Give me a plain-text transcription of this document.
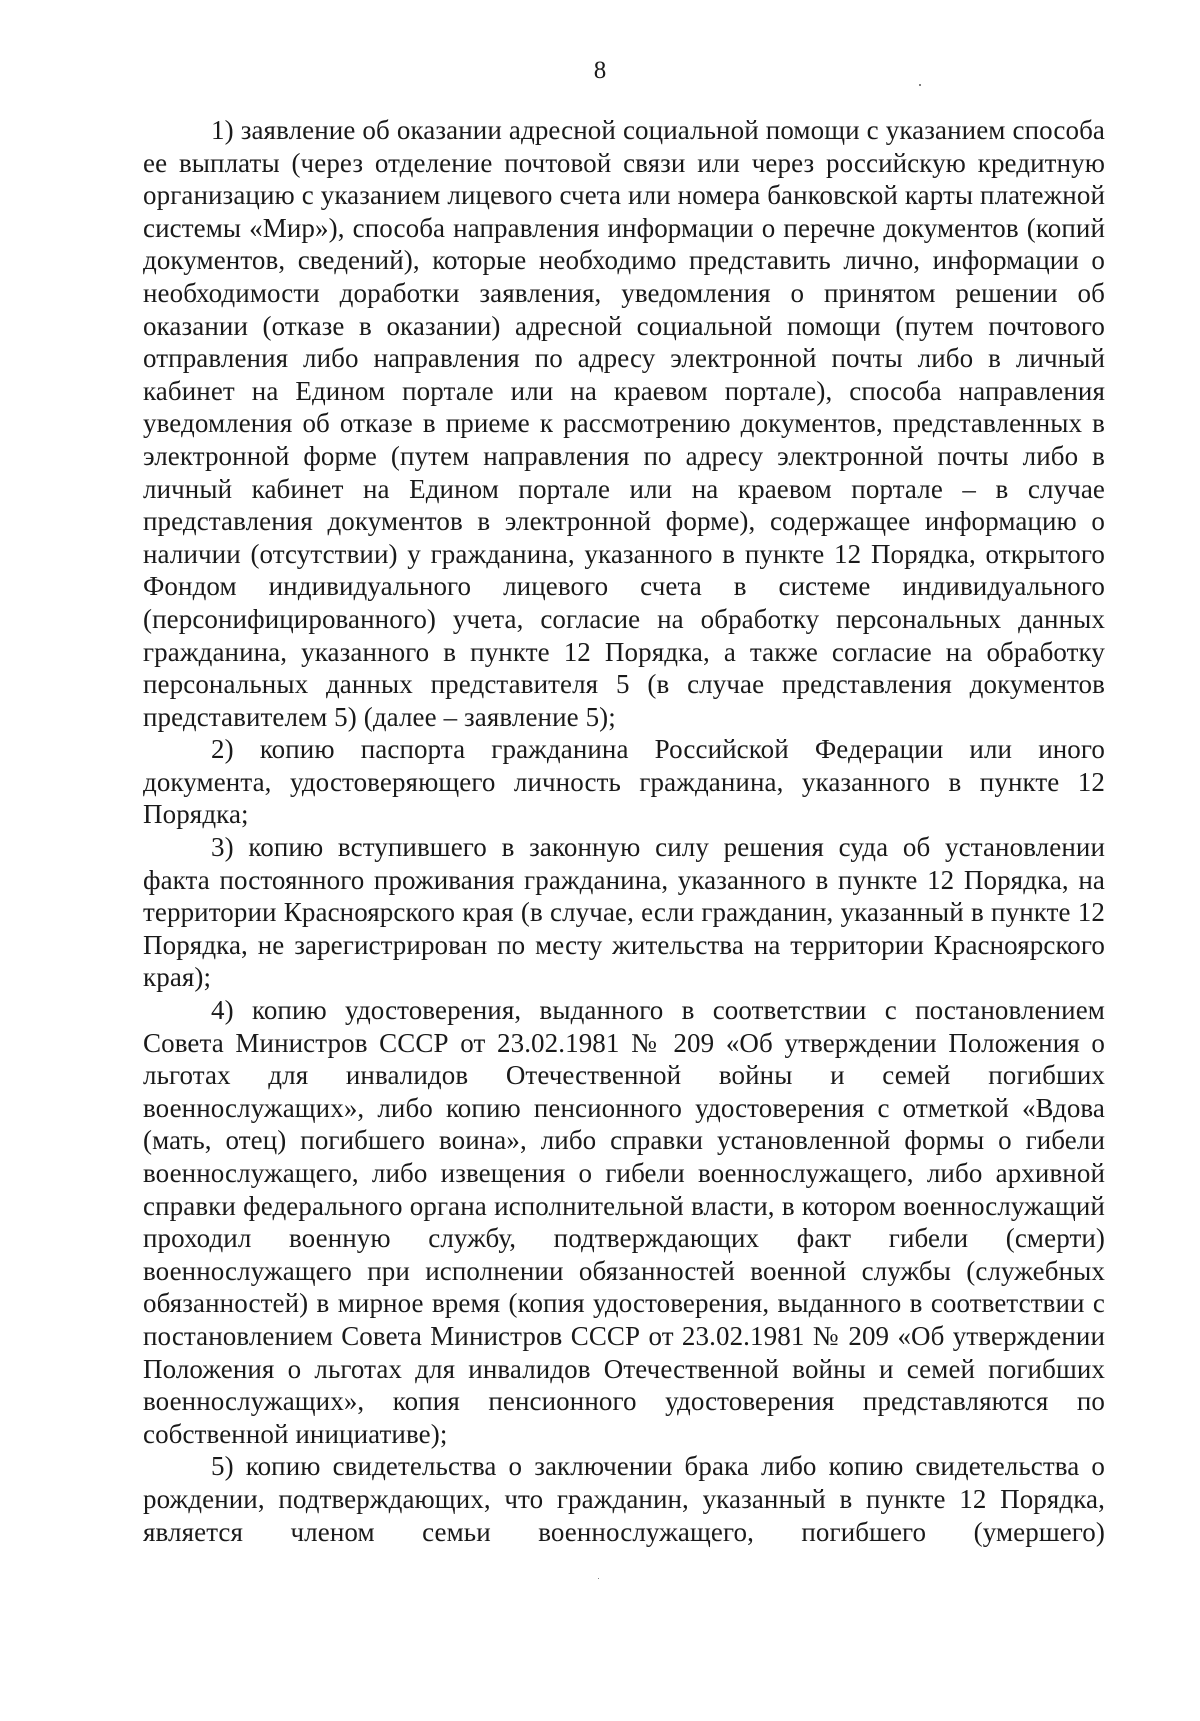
8

1) заявление об оказании адресной социальной помощи с указанием способа ее выплаты (через отделение почтовой связи или через российскую кредитную организацию с указанием лицевого счета или номера банковской карты платежной системы «Мир»), способа направления информации о перечне документов (копий документов, сведений), которые необходимо представить лично, информации о необходимости доработки заявления, уведомления о принятом решении об оказании (отказе в оказании) адресной социальной помощи (путем почтового отправления либо направления по адресу электронной почты либо в личный кабинет на Едином портале или на краевом портале), способа направления уведомления об отказе в приеме к рассмотрению документов, представленных в электронной форме (путем направления по адресу электронной почты либо в личный кабинет на Едином портале или на краевом портале – в случае представления документов в электронной форме), содержащее информацию о наличии (отсутствии) у гражданина, указанного в пункте 12 Порядка, открытого Фондом индивидуального лицевого счета в системе индивидуального (персонифицированного) учета, согласие на обработку персональных данных гражданина, указанного в пункте 12 Порядка, а также согласие на обработку персональных данных представителя 5 (в случае представления документов представителем 5) (далее – заявление 5);

2) копию паспорта гражданина Российской Федерации или иного документа, удостоверяющего личность гражданина, указанного в пункте 12 Порядка;

3) копию вступившего в законную силу решения суда об установлении факта постоянного проживания гражданина, указанного в пункте 12 Порядка, на территории Красноярского края (в случае, если гражданин, указанный в пункте 12 Порядка, не зарегистрирован по месту жительства на территории Красноярского края);

4) копию удостоверения, выданного в соответствии с постановлением Совета Министров СССР от 23.02.1981 № 209 «Об утверждении Положения о льготах для инвалидов Отечественной войны и семей погибших военнослужащих», либо копию пенсионного удостоверения с отметкой «Вдова (мать, отец) погибшего воина», либо справки установленной формы о гибели военнослужащего, либо извещения о гибели военнослужащего, либо архивной справки федерального органа исполнительной власти, в котором военнослужащий проходил военную службу, подтверждающих факт гибели (смерти) военнослужащего при исполнении обязанностей военной службы (служебных обязанностей) в мирное время (копия удостоверения, выданного в соответствии с постановлением Совета Министров СССР от 23.02.1981 № 209 «Об утверждении Положения о льготах для инвалидов Отечественной войны и семей погибших военнослужащих», копия пенсионного удостоверения представляются по собственной инициативе);

5) копию свидетельства о заключении брака либо копию свидетельства о рождении, подтверждающих, что гражданин, указанный в пункте 12 Порядка, является членом семьи военнослужащего, погибшего (умершего)
